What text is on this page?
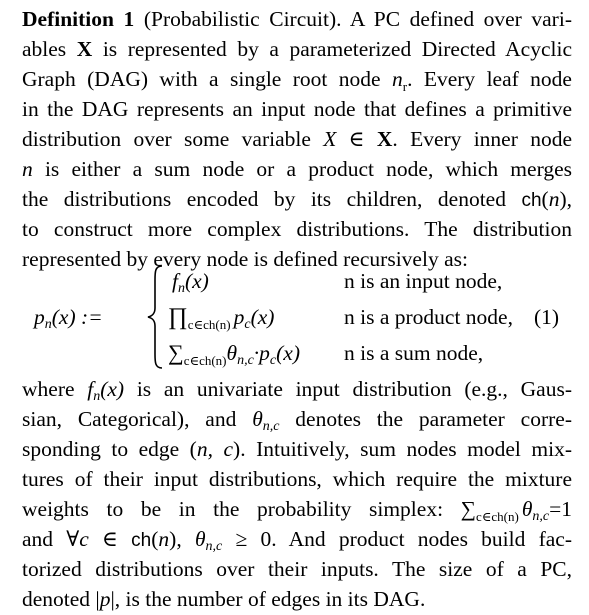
Definition 1 (Probabilistic Circuit). A PC defined over vari-
ables X is represented by a parameterized Directed Acyclic
Graph (DAG) with a single root node $n_r$. Every leaf node
in the DAG represents an input node that defines a primitive
distribution over some variable X ∈ X. Every inner node
n is either a sum node or a product node, which merges
the distributions encoded by its children, denoted ch(n),
to construct more complex distributions. The distribution
represented by every node is defined recursively as:
$p_n(x)$ :=
$f_n(x)$	n is an input node,
$\prod_{c\in ch(n)}$ $p_c(x)$	n is a product node, (1)
$\sum_{c\in ch(n)}\theta_{n,c}\cdot p_c(x)$ n is a sum node,
where $f_n(x)$ is an univariate input distribution (e.g., Gaus-
sian, Categorical), and $\theta_{n,c}$ denotes the parameter corre-
sponding to edge (n, c). Intuitively, sum nodes model mix-
tures of their input distributions, which require the mixture
weights to be in the probability simplex: $\sum_{c\in ch(n)}$ $\theta_{n,c}=1$
and ∀c ∈ ch(n), $\theta_{n,c} \ge 0$. And product nodes build fac-
torized distributions over their inputs. The size of a PC,
denoted |p|, is the number of edges in its DAG.
